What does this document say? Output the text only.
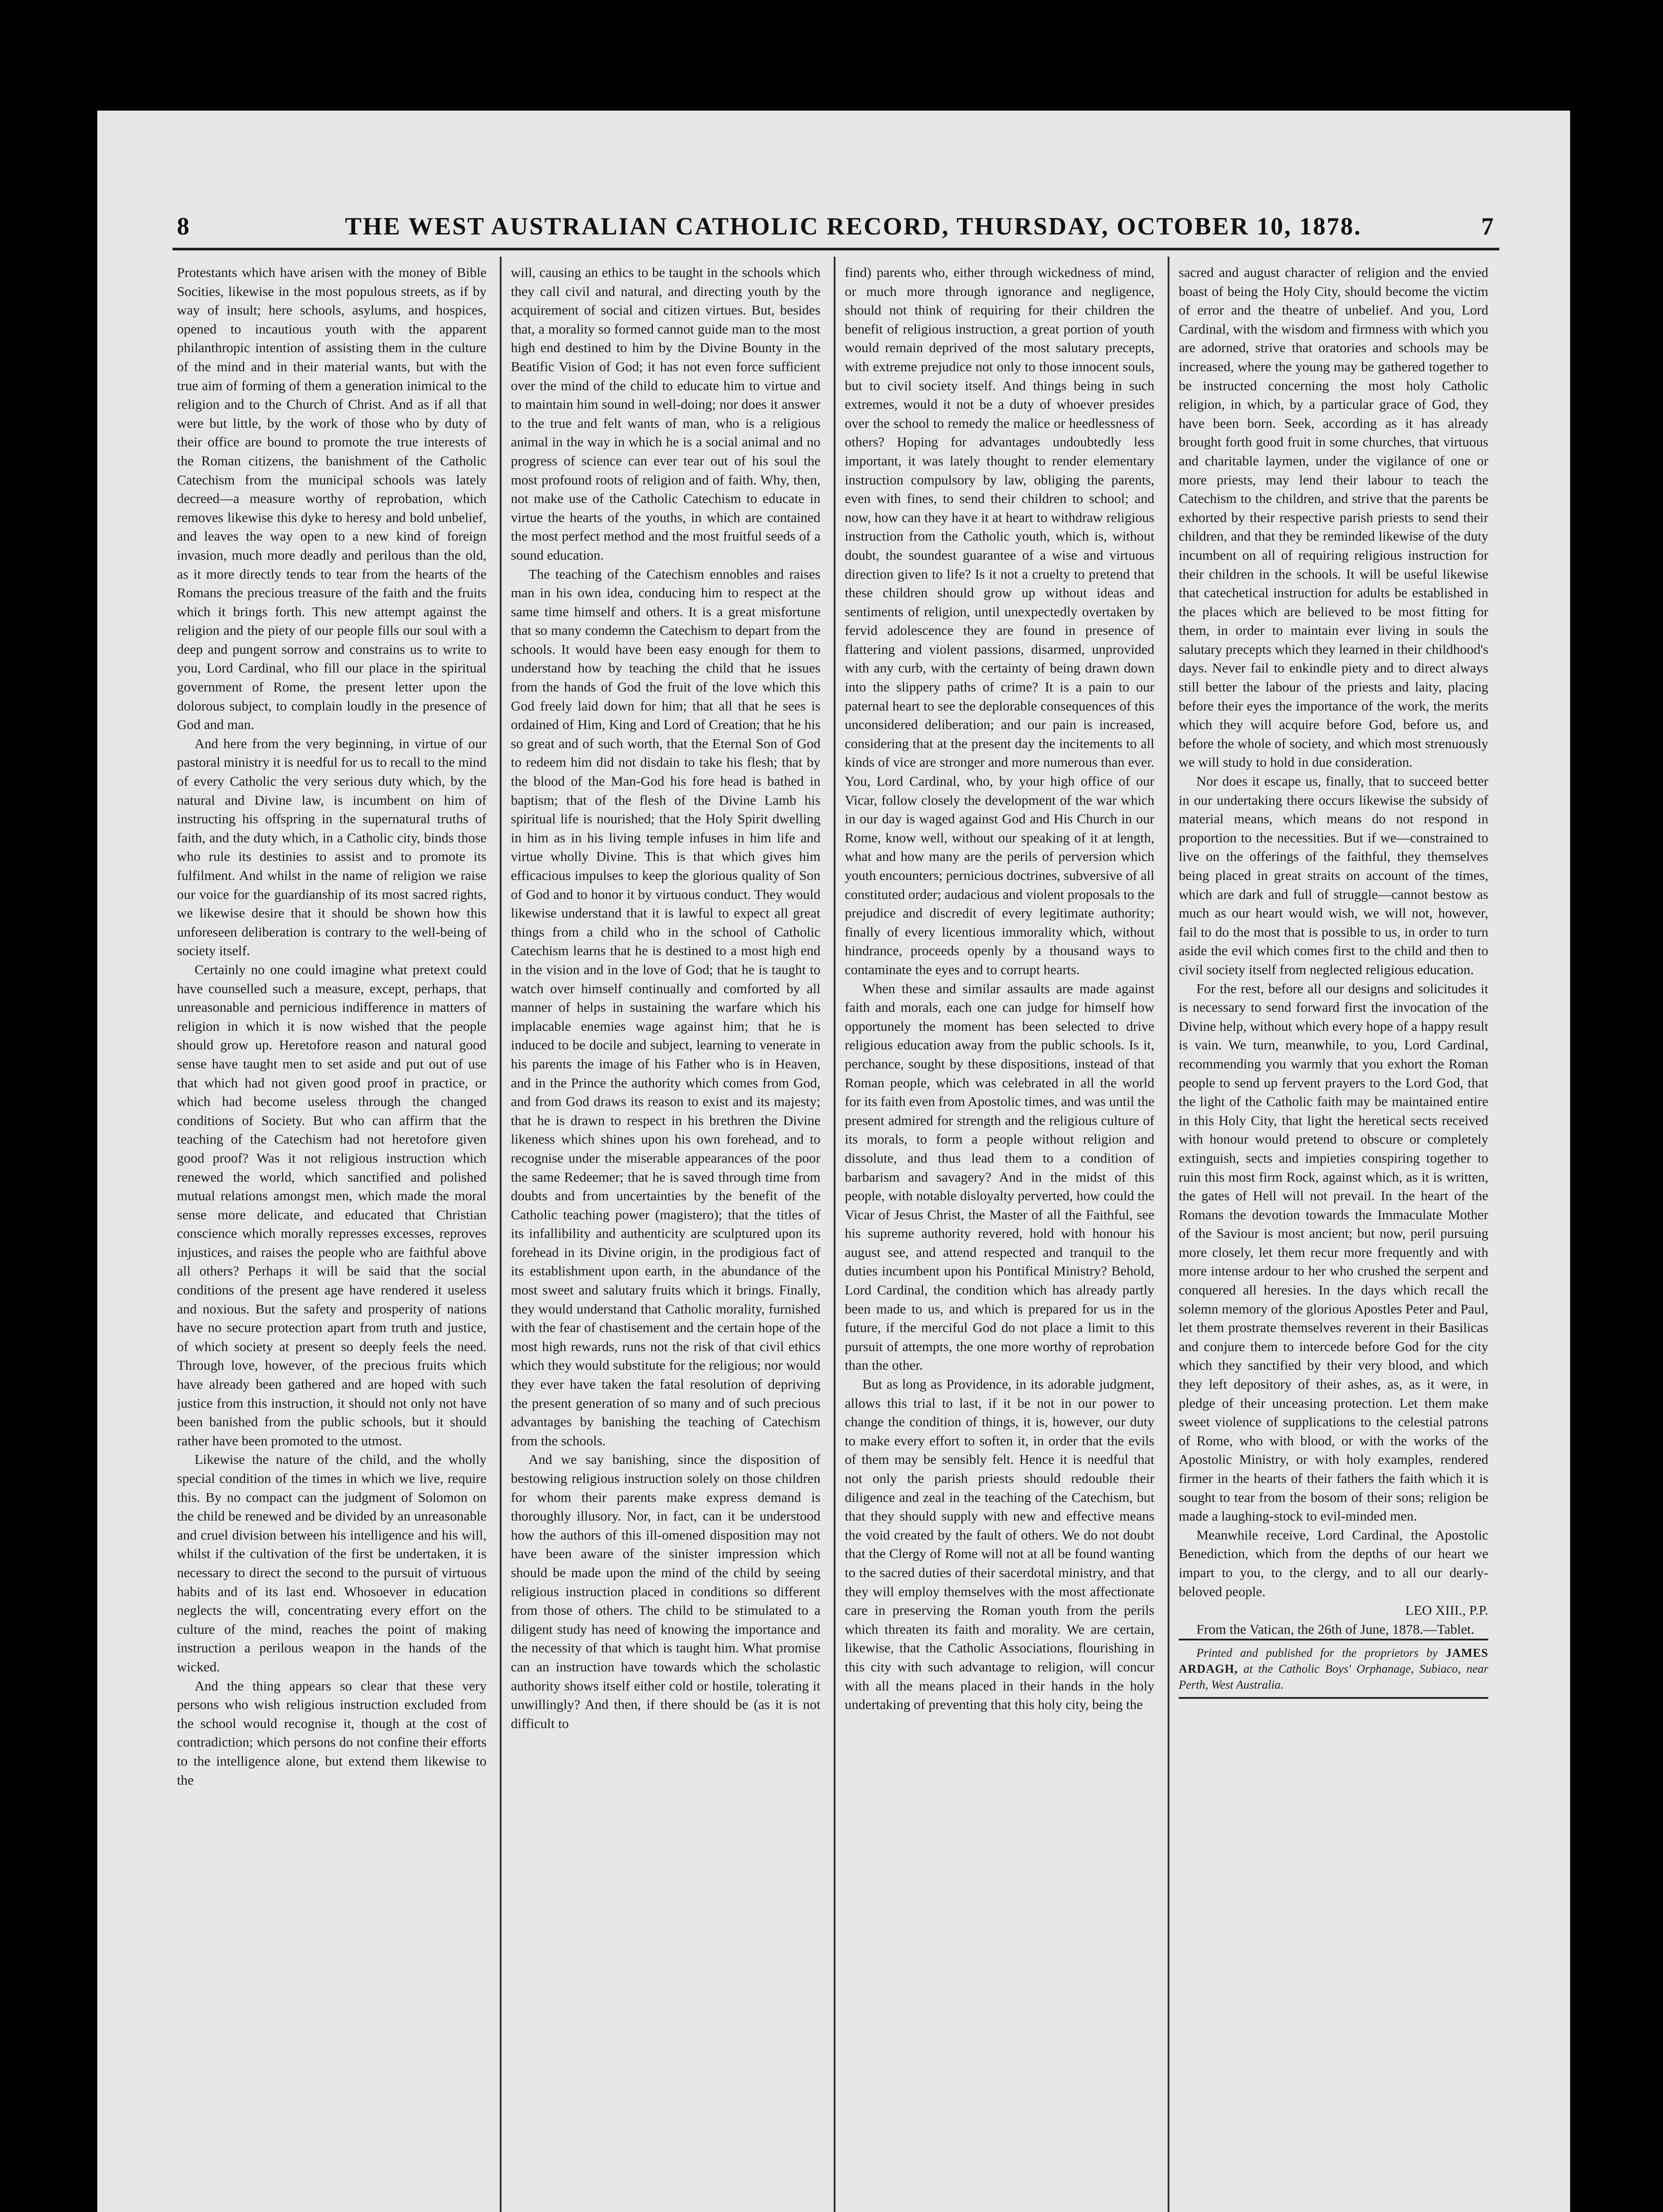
8	THE WEST AUSTRALIAN CATHOLIC RECORD, THURSDAY, OCTOBER 10, 1878.	7

Protestants which have arisen with the money of Bible Socities, likewise in the most populous streets, as if by way of insult; here schools, asylums, and hospices, opened to incautious youth with the apparent philanthropic intention of assisting them in the culture of the mind and in their material wants, but with the true aim of forming of them a generation inimical to the religion and to the Church of Christ. And as if all that were but little, by the work of those who by duty of their office are bound to promote the true interests of the Roman citizens, the banishment of the Catholic Catechism from the municipal schools was lately decreed—a measure worthy of reprobation, which removes likewise this dyke to heresy and bold unbelief, and leaves the way open to a new kind of foreign invasion, much more deadly and perilous than the old, as it more directly tends to tear from the hearts of the Romans the precious treasure of the faith and the fruits which it brings forth. This new attempt against the religion and the piety of our people fills our soul with a deep and pungent sorrow and constrains us to write to you, Lord Cardinal, who fill our place in the spiritual government of Rome, the present letter upon the dolorous subject, to complain loudly in the presence of God and man.

And here from the very beginning, in virtue of our pastoral ministry it is needful for us to recall to the mind of every Catholic the very serious duty which, by the natural and Divine law, is incumbent on him of instructing his offspring in the supernatural truths of faith, and the duty which, in a Catholic city, binds those who rule its destinies to assist and to promote its fulfilment. And whilst in the name of religion we raise our voice for the guardianship of its most sacred rights, we likewise desire that it should be shown how this unforeseen deliberation is contrary to the well-being of society itself.

Certainly no one could imagine what pretext could have counselled such a measure, except, perhaps, that unreasonable and pernicious indifference in matters of religion in which it is now wished that the people should grow up. Heretofore reason and natural good sense have taught men to set aside and put out of use that which had not given good proof in practice, or which had become useless through the changed conditions of Society. But who can affirm that the teaching of the Catechism had not heretofore given good proof? Was it not religious instruction which renewed the world, which sanctified and polished mutual relations amongst men, which made the moral sense more delicate, and educated that Christian conscience which morally represses excesses, reproves injustices, and raises the people who are faithful above all others? Perhaps it will be said that the social conditions of the present age have rendered it useless and noxious. But the safety and prosperity of nations have no secure protection apart from truth and justice, of which society at present so deeply feels the need. Through love, however, of the precious fruits which have already been gathered and are hoped with such justice from this instruction, it should not only not have been banished from the public schools, but it should rather have been promoted to the utmost.

Likewise the nature of the child, and the wholly special condition of the times in which we live, require this. By no compact can the judgment of Solomon on the child be renewed and be divided by an unreasonable and cruel division between his intelligence and his will, whilst if the cultivation of the first be undertaken, it is necessary to direct the second to the pursuit of virtuous habits and of its last end. Whosoever in education neglects the will, concentrating every effort on the culture of the mind, reaches the point of making instruction a perilous weapon in the hands of the wicked.

And the thing appears so clear that these very persons who wish religious instruction excluded from the school would recognise it, though at the cost of contradiction; which persons do not confine their efforts to the intelligence alone, but extend them likewise to the

will, causing an ethics to be taught in the schools which they call civil and natural, and directing youth by the acquirement of social and citizen virtues. But, besides that, a morality so formed cannot guide man to the most high end destined to him by the Divine Bounty in the Beatific Vision of God; it has not even force sufficient over the mind of the child to educate him to virtue and to maintain him sound in well-doing; nor does it answer to the true and felt wants of man, who is a religious animal in the way in which he is a social animal and no progress of science can ever tear out of his soul the most profound roots of religion and of faith. Why, then, not make use of the Catholic Catechism to educate in virtue the hearts of the youths, in which are contained the most perfect method and the most fruitful seeds of a sound education.

The teaching of the Catechism ennobles and raises man in his own idea, conducing him to respect at the same time himself and others. It is a great misfortune that so many condemn the Catechism to depart from the schools. It would have been easy enough for them to understand how by teaching the child that he issues from the hands of God the fruit of the love which this God freely laid down for him; that all that he sees is ordained of Him, King and Lord of Creation; that he his so great and of such worth, that the Eternal Son of God to redeem him did not disdain to take his flesh; that by the blood of the Man-God his fore head is bathed in baptism; that of the flesh of the Divine Lamb his spiritual life is nourished; that the Holy Spirit dwelling in him as in his living temple infuses in him life and virtue wholly Divine. This is that which gives him efficacious impulses to keep the glorious quality of Son of God and to honor it by virtuous conduct. They would likewise understand that it is lawful to expect all great things from a child who in the school of Catholic Catechism learns that he is destined to a most high end in the vision and in the love of God; that he is taught to watch over himself continually and comforted by all manner of helps in sustaining the warfare which his implacable enemies wage against him; that he is induced to be docile and subject, learning to venerate in his parents the image of his Father who is in Heaven, and in the Prince the authority which comes from God, and from God draws its reason to exist and its majesty; that he is drawn to respect in his brethren the Divine likeness which shines upon his own forehead, and to recognise under the miserable appearances of the poor the same Redeemer; that he is saved through time from doubts and from uncertainties by the benefit of the Catholic teaching power (magistero); that the titles of its infallibility and authenticity are sculptured upon its forehead in its Divine origin, in the prodigious fact of its establishment upon earth, in the abundance of the most sweet and salutary fruits which it brings. Finally, they would understand that Catholic morality, furnished with the fear of chastisement and the certain hope of the most high rewards, runs not the risk of that civil ethics which they would substitute for the religious; nor would they ever have taken the fatal resolution of depriving the present generation of so many and of such precious advantages by banishing the teaching of Catechism from the schools.

And we say banishing, since the disposition of bestowing religious instruction solely on those children for whom their parents make express demand is thoroughly illusory. Nor, in fact, can it be understood how the authors of this ill-omened disposition may not have been aware of the sinister impression which should be made upon the mind of the child by seeing religious instruction placed in conditions so different from those of others. The child to be stimulated to a diligent study has need of knowing the importance and the necessity of that which is taught him. What promise can an instruction have towards which the scholastic authority shows itself either cold or hostile, tolerating it unwillingly? And then, if there should be (as it is not difficult to

find) parents who, either through wickedness of mind, or much more through ignorance and negligence, should not think of requiring for their children the benefit of religious instruction, a great portion of youth would remain deprived of the most salutary precepts, with extreme prejudice not only to those innocent souls, but to civil society itself. And things being in such extremes, would it not be a duty of whoever presides over the school to remedy the malice or heedlessness of others? Hoping for advantages undoubtedly less important, it was lately thought to render elementary instruction compulsory by law, obliging the parents, even with fines, to send their children to school; and now, how can they have it at heart to withdraw religious instruction from the Catholic youth, which is, without doubt, the soundest guarantee of a wise and virtuous direction given to life? Is it not a cruelty to pretend that these children should grow up without ideas and sentiments of religion, until unexpectedly overtaken by fervid adolescence they are found in presence of flattering and violent passions, disarmed, unprovided with any curb, with the certainty of being drawn down into the slippery paths of crime? It is a pain to our paternal heart to see the deplorable consequences of this unconsidered deliberation; and our pain is increased, considering that at the present day the incitements to all kinds of vice are stronger and more numerous than ever. You, Lord Cardinal, who, by your high office of our Vicar, follow closely the development of the war which in our day is waged against God and His Church in our Rome, know well, without our speaking of it at length, what and how many are the perils of perversion which youth encounters; pernicious doctrines, subversive of all constituted order; audacious and violent proposals to the prejudice and discredit of every legitimate authority; finally of every licentious immorality which, without hindrance, proceeds openly by a thousand ways to contaminate the eyes and to corrupt hearts.

When these and similar assaults are made against faith and morals, each one can judge for himself how opportunely the moment has been selected to drive religious education away from the public schools. Is it, perchance, sought by these dispositions, instead of that Roman people, which was celebrated in all the world for its faith even from Apostolic times, and was until the present admired for strength and the religious culture of its morals, to form a people without religion and dissolute, and thus lead them to a condition of barbarism and savagery? And in the midst of this people, with notable disloyalty perverted, how could the Vicar of Jesus Christ, the Master of all the Faithful, see his supreme authority revered, hold with honour his august see, and attend respected and tranquil to the duties incumbent upon his Pontifical Ministry? Behold, Lord Cardinal, the condition which has already partly been made to us, and which is prepared for us in the future, if the merciful God do not place a limit to this pursuit of attempts, the one more worthy of reprobation than the other.

But as long as Providence, in its adorable judgment, allows this trial to last, if it be not in our power to change the condition of things, it is, however, our duty to make every effort to soften it, in order that the evils of them may be sensibly felt. Hence it is needful that not only the parish priests should redouble their diligence and zeal in the teaching of the Catechism, but that they should supply with new and effective means the void created by the fault of others. We do not doubt that the Clergy of Rome will not at all be found wanting to the sacred duties of their sacerdotal ministry, and that they will employ themselves with the most affectionate care in preserving the Roman youth from the perils which threaten its faith and morality. We are certain, likewise, that the Catholic Associations, flourishing in this city with such advantage to religion, will concur with all the means placed in their hands in the holy undertaking of preventing that this holy city, being the

sacred and august character of religion and the envied boast of being the Holy City, should become the victim of error and the theatre of unbelief. And you, Lord Cardinal, with the wisdom and firmness with which you are adorned, strive that oratories and schools may be increased, where the young may be gathered together to be instructed concerning the most holy Catholic religion, in which, by a particular grace of God, they have been born. Seek, according as it has already brought forth good fruit in some churches, that virtuous and charitable laymen, under the vigilance of one or more priests, may lend their labour to teach the Catechism to the children, and strive that the parents be exhorted by their respective parish priests to send their children, and that they be reminded likewise of the duty incumbent on all of requiring religious instruction for their children in the schools. It will be useful likewise that catechetical instruction for adults be established in the places which are believed to be most fitting for them, in order to maintain ever living in souls the salutary precepts which they learned in their childhood's days. Never fail to enkindle piety and to direct always still better the labour of the priests and laity, placing before their eyes the importance of the work, the merits which they will acquire before God, before us, and before the whole of society, and which most strenuously we will study to hold in due consideration.

Nor does it escape us, finally, that to succeed better in our undertaking there occurs likewise the subsidy of material means, which means do not respond in proportion to the necessities. But if we—constrained to live on the offerings of the faithful, they themselves being placed in great straits on account of the times, which are dark and full of struggle—cannot bestow as much as our heart would wish, we will not, however, fail to do the most that is possible to us, in order to turn aside the evil which comes first to the child and then to civil society itself from neglected religious education.

For the rest, before all our designs and solicitudes it is necessary to send forward first the invocation of the Divine help, without which every hope of a happy result is vain. We turn, meanwhile, to you, Lord Cardinal, recommending you warmly that you exhort the Roman people to send up fervent prayers to the Lord God, that the light of the Catholic faith may be maintained entire in this Holy City, that light the heretical sects received with honour would pretend to obscure or completely extinguish, sects and impieties conspiring together to ruin this most firm Rock, against which, as it is written, the gates of Hell will not prevail. In the heart of the Romans the devotion towards the Immaculate Mother of the Saviour is most ancient; but now, peril pursuing more closely, let them recur more frequently and with more intense ardour to her who crushed the serpent and conquered all heresies. In the days which recall the solemn memory of the glorious Apostles Peter and Paul, let them prostrate themselves reverent in their Basilicas and conjure them to intercede before God for the city which they sanctified by their very blood, and which they left depository of their ashes, as, as it were, in pledge of their unceasing protection. Let them make sweet violence of supplications to the celestial patrons of Rome, who with blood, or with the works of the Apostolic Ministry, or with holy examples, rendered firmer in the hearts of their fathers the faith which it is sought to tear from the bosom of their sons; religion be made a laughing-stock to evil-minded men.

Meanwhile receive, Lord Cardinal, the Apostolic Benediction, which from the depths of our heart we impart to you, to the clergy, and to all our dearly-beloved people.

LEO XIII., P.P.

From the Vatican, the 26th of June, 1878.—Tablet.

Printed and published for the proprietors by JAMES ARDAGH, at the Catholic Boys' Orphanage, Subiaco, near Perth, West Australia.
